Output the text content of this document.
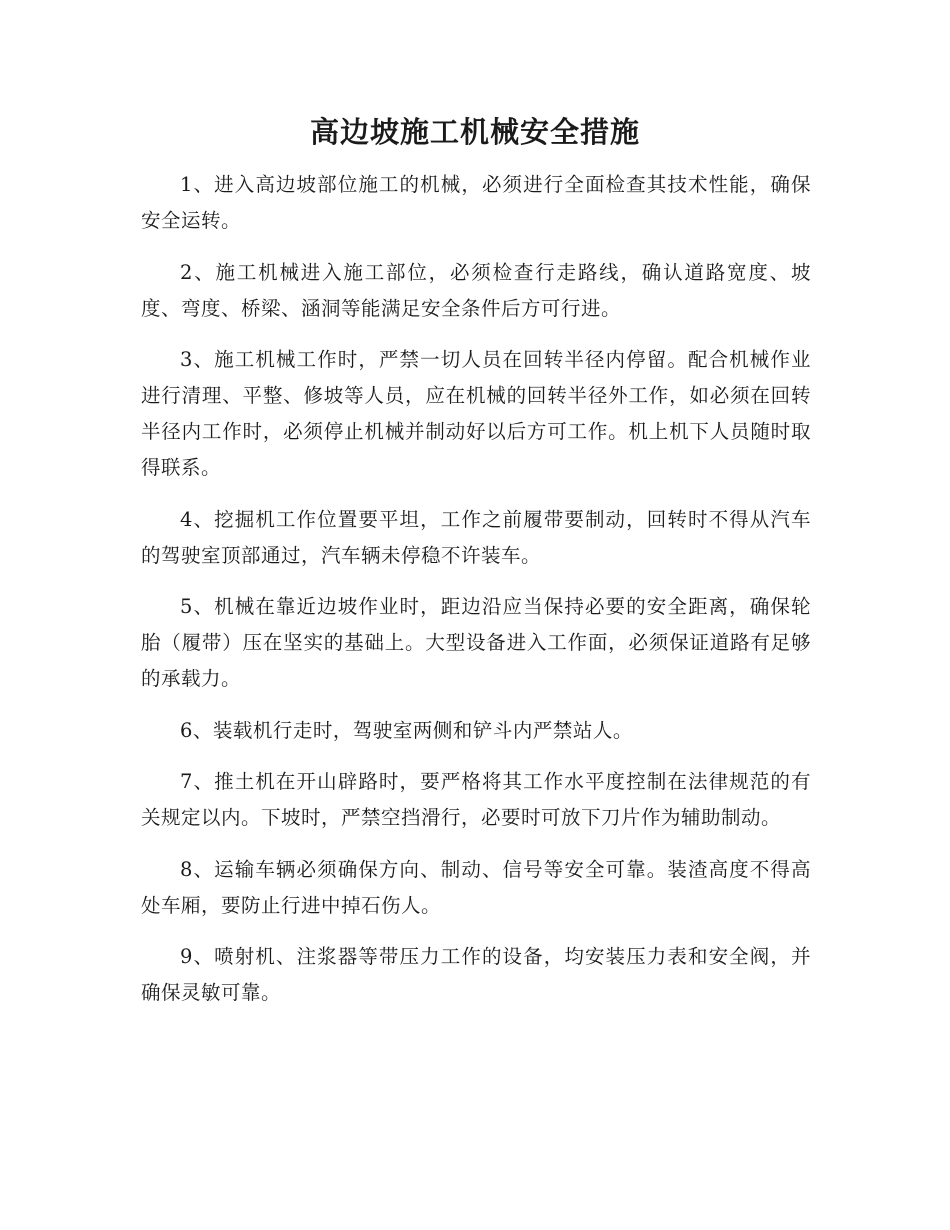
高边坡施工机械安全措施

1、进入高边坡部位施工的机械，必须进行全面检查其技术性能，确保安全运转。

2、施工机械进入施工部位，必须检查行走路线，确认道路宽度、坡度、弯度、桥梁、涵洞等能满足安全条件后方可行进。

3、施工机械工作时，严禁一切人员在回转半径内停留。配合机械作业进行清理、平整、修坡等人员，应在机械的回转半径外工作，如必须在回转半径内工作时，必须停止机械并制动好以后方可工作。机上机下人员随时取得联系。

4、挖掘机工作位置要平坦，工作之前履带要制动，回转时不得从汽车的驾驶室顶部通过，汽车辆未停稳不许装车。

5、机械在靠近边坡作业时，距边沿应当保持必要的安全距离，确保轮胎（履带）压在坚实的基础上。大型设备进入工作面，必须保证道路有足够的承载力。

6、装载机行走时，驾驶室两侧和铲斗内严禁站人。

7、推土机在开山辟路时，要严格将其工作水平度控制在法律规范的有关规定以内。下坡时，严禁空挡滑行，必要时可放下刀片作为辅助制动。

8、运输车辆必须确保方向、制动、信号等安全可靠。装渣高度不得高处车厢，要防止行进中掉石伤人。

9、喷射机、注浆器等带压力工作的设备，均安装压力表和安全阀，并确保灵敏可靠。
